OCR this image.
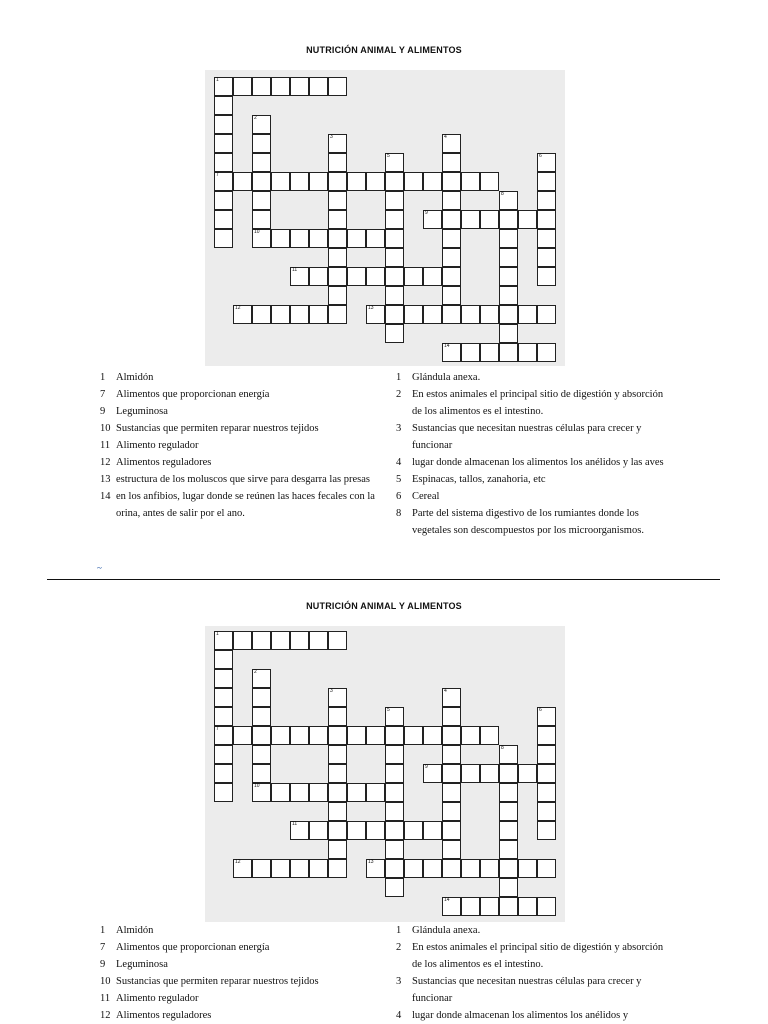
NUTRICIÓN ANIMAL Y ALIMENTOS
1
7
2
3	4
5	6
8
9
10
11
12	13
14
1	Almidón
7	Alimentos que proporcionan energía
9	Leguminosa
10 Sustancias que permiten reparar nuestros tejidos
11 Alimento regulador
12 Alimentos reguladores
13 estructura de los moluscos que sirve para desgarra las presas
14 en los anfibios, lugar donde se reúnen las haces fecales con la orina, antes de salir por el ano.
1	Glándula anexa.
2	En estos animales el principal sitio de digestión y absorción de los alimentos es el intestino.
3	Sustancias que necesitan nuestras células para crecer y funcionar
4	lugar donde almacenan los alimentos los anélidos y las aves
5	Espinacas, tallos, zanahoria, etc
6	Cereal
8	Parte del sistema digestivo de los rumiantes donde los vegetales son descompuestos por los microorganismos.
~
NUTRICIÓN ANIMAL Y ALIMENTOS
1
7
2
3	4
5	6
8
9
10
11
12	13
14
1	Almidón
7	Alimentos que proporcionan energía
9	Leguminosa
10 Sustancias que permiten reparar nuestros tejidos
11 Alimento regulador
12 Alimentos reguladores
1	Glándula anexa.
2	En estos animales el principal sitio de digestión y absorción de los alimentos es el intestino.
3	Sustancias que necesitan nuestras células para crecer y funcionar
4	lugar donde almacenan los alimentos los anélidos y
